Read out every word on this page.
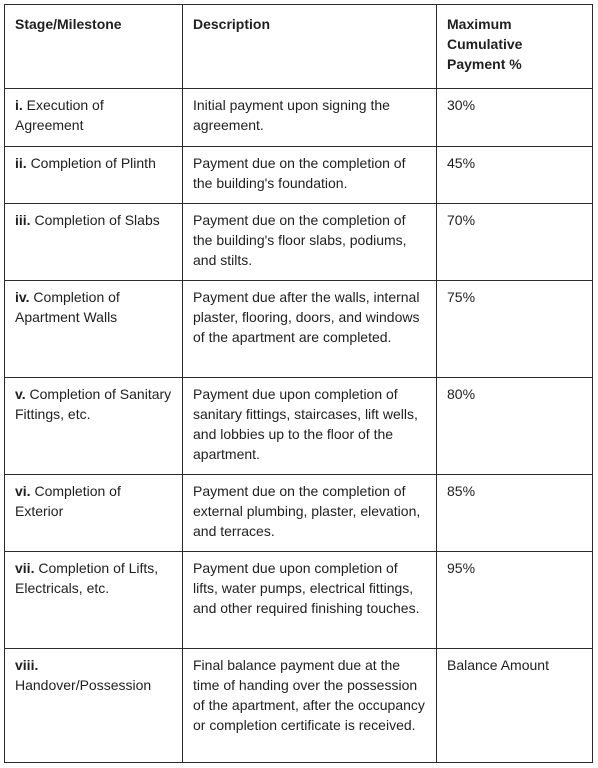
Stage/Milestone	Description	Maximum Cumulative Payment %
i. Execution of Agreement	Initial payment upon signing the agreement.	30%
ii. Completion of Plinth	Payment due on the completion of the building's foundation.	45%
iii. Completion of Slabs	Payment due on the completion of the building's floor slabs, podiums, and stilts.	70%
iv. Completion of Apartment Walls	Payment due after the walls, internal plaster, flooring, doors, and windows of the apartment are completed.	75%
v. Completion of Sanitary Fittings, etc.	Payment due upon completion of sanitary fittings, staircases, lift wells, and lobbies up to the floor of the apartment.	80%
vi. Completion of Exterior	Payment due on the completion of external plumbing, plaster, elevation, and terraces.	85%
vii. Completion of Lifts, Electricals, etc.	Payment due upon completion of lifts, water pumps, electrical fittings, and other required finishing touches.	95%
viii. Handover/Possession	Final balance payment due at the time of handing over the possession of the apartment, after the occupancy or completion certificate is received.	Balance Amount
